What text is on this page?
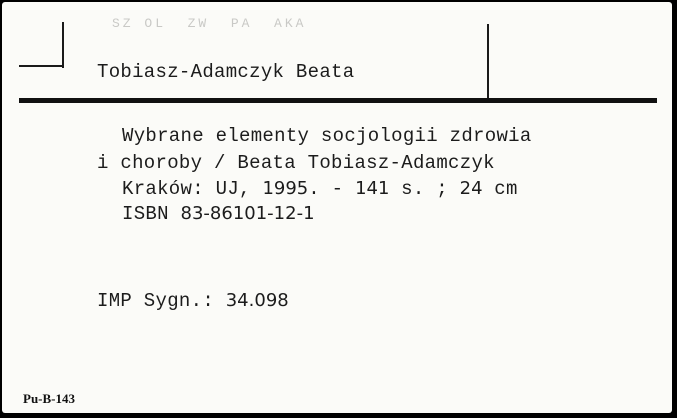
SZ OL  ZW  PA  AKA
Tobiasz-Adamczyk Beata
Wybrane elementy socjologii zdrowia
i choroby / Beata Tobiasz-Adamczyk
Kraków: UJ, 1995. - 141 s. ; 24 cm
ISBN 83-86101-12-1
IMP Sygn.: 34.098
Pu-B-143
